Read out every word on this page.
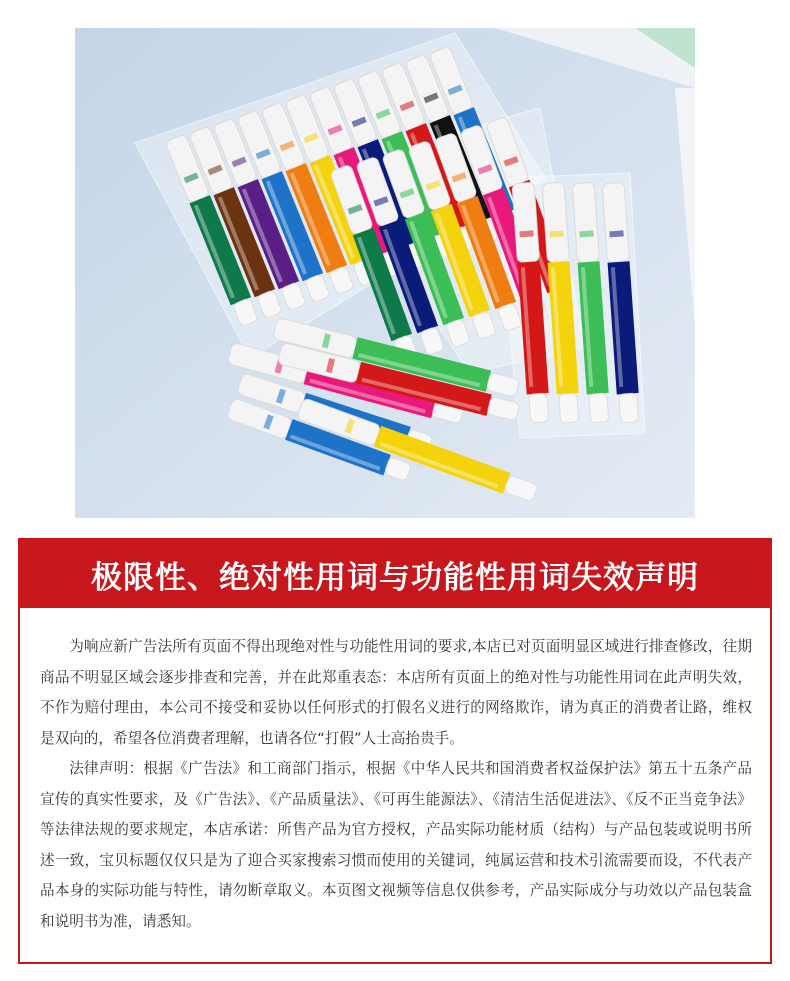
极限性、绝对性用词与功能性用词失效声明

为响应新广告法所有页面不得出现绝对性与功能性用词的要求,本店已对页面明显区域进行排查修改，往期商品不明显区域会逐步排查和完善，并在此郑重表态：本店所有页面上的绝对性与功能性用词在此声明失效，不作为赔付理由，本公司不接受和妥协以任何形式的打假名义进行的网络欺诈，请为真正的消费者让路，维权是双向的，希望各位消费者理解，也请各位“打假”人士高抬贵手。

法律声明：根据《广告法》和工商部门指示，根据《中华人民共和国消费者权益保护法》第五十五条产品宣传的真实性要求，及《广告法》、《产品质量法》、《可再生能源法》、《清洁生活促进法》、《反不正当竞争法》等法律法规的要求规定，本店承诺：所售产品为官方授权，产品实际功能材质（结构）与产品包装或说明书所述一致，宝贝标题仅仅只是为了迎合买家搜索习惯而使用的关键词，纯属运营和技术引流需要而设，不代表产品本身的实际功能与特性，请勿断章取义。本页图文视频等信息仅供参考，产品实际成分与功效以产品包装盒和说明书为准，请悉知。
